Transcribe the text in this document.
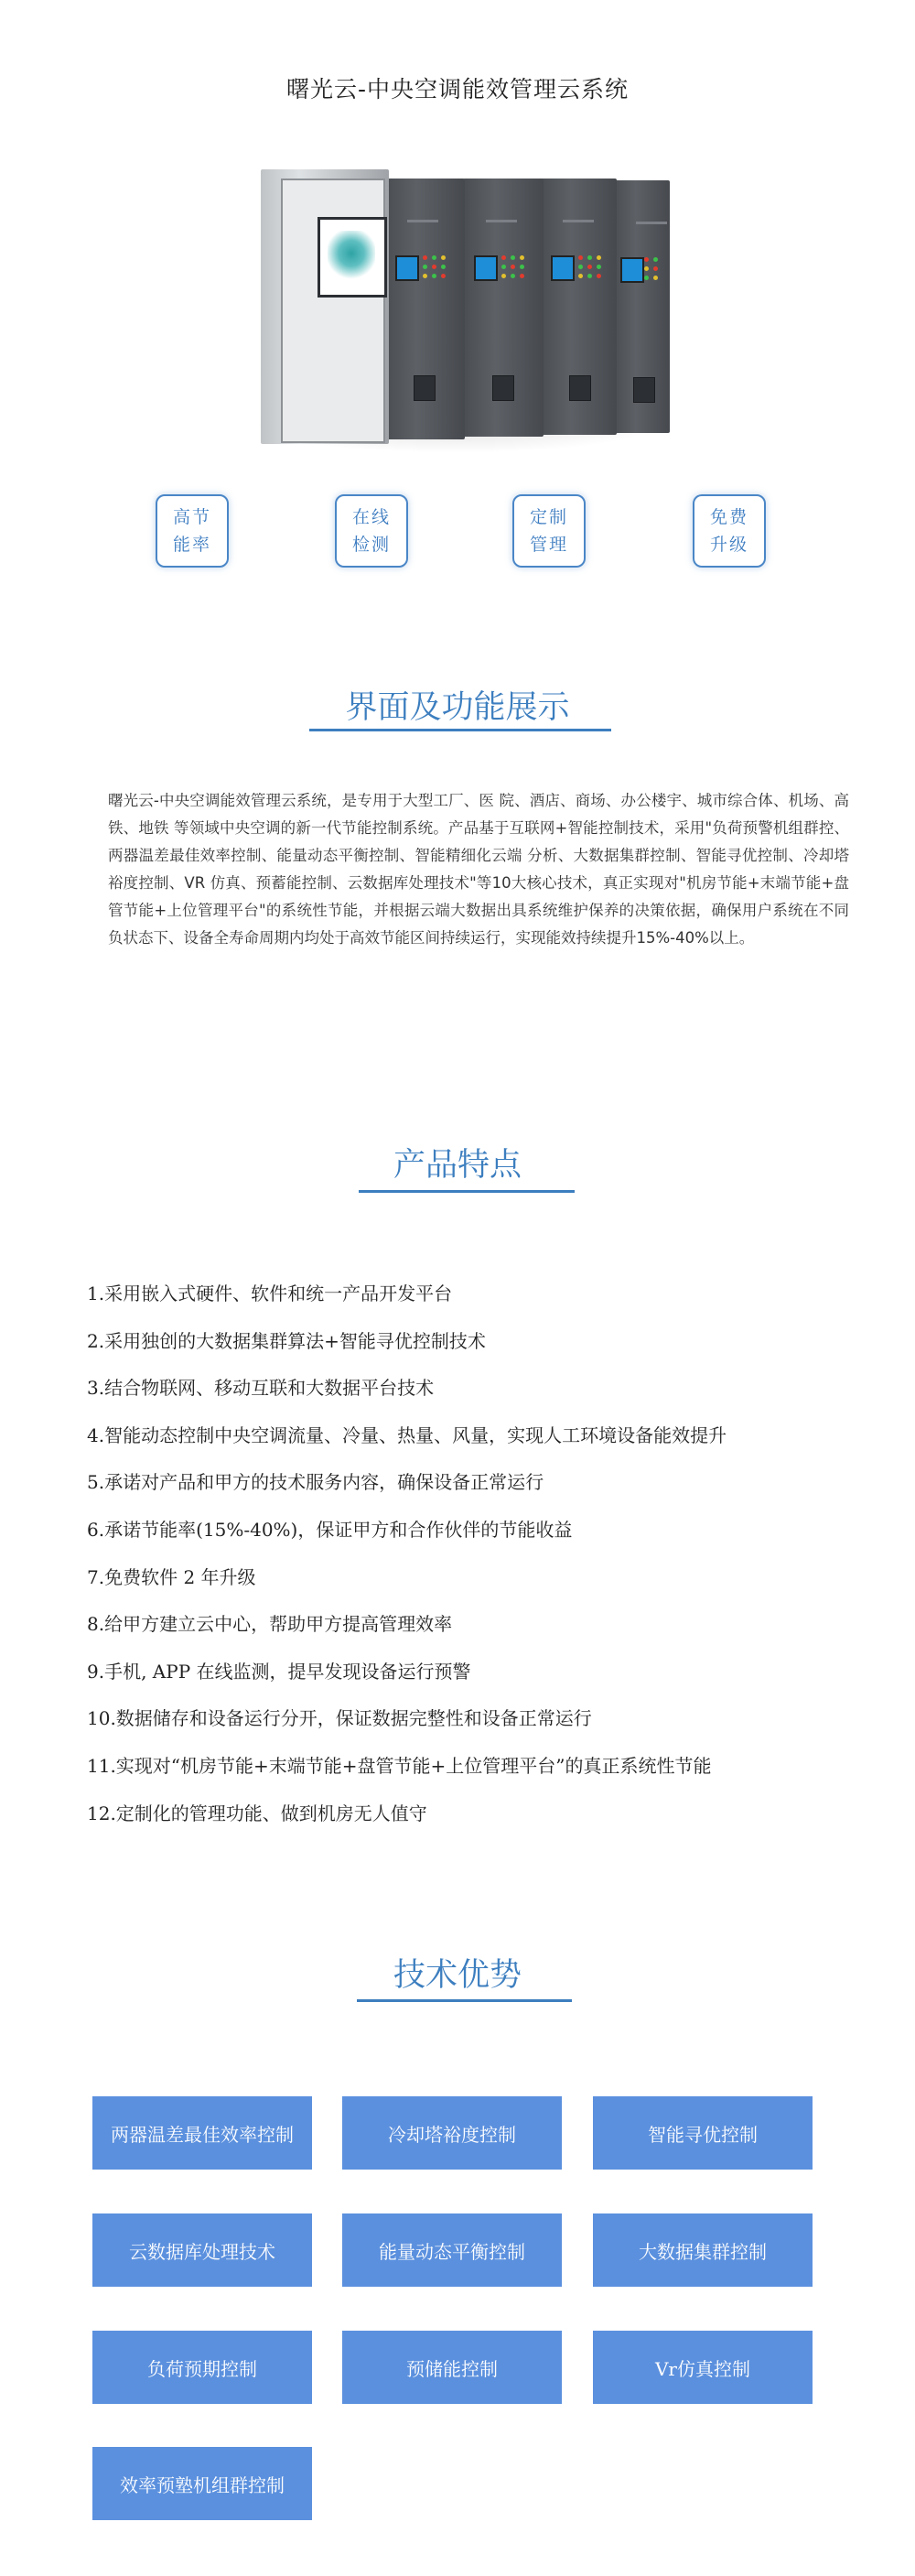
曙光云-中央空调能效管理云系统
高节
能率
在线
检测
定制
管理
免费
升级
界面及功能展示
曙光云-中央空调能效管理云系统，是专用于大型工厂、医 院、酒店、商场、办公楼宇、城市综合体、机场、高铁、地铁 等领域中央空调的新一代节能控制系统。产品基于互联网+智能控制技术，采用"负荷预警机组群控、两器温差最佳效率控制、能量动态平衡控制、智能精细化云端 分析、大数据集群控制、智能寻优控制、冷却塔裕度控制、VR 仿真、预蓄能控制、云数据库处理技术"等10大核心技术，真正实现对"机房节能+末端节能+盘管节能+上位管理平台"的系统性节能，并根据云端大数据出具系统维护保养的决策依据，确保用户系统在不同负状态下、设备全寿命周期内均处于高效节能区间持续运行，实现能效持续提升15%-40%以上。
产品特点
1.采用嵌入式硬件、软件和统一产品开发平台
2.采用独创的大数据集群算法+智能寻优控制技术
3.结合物联网、移动互联和大数据平台技术
4.智能动态控制中央空调流量、冷量、热量、风量，实现人工环境设备能效提升
5.承诺对产品和甲方的技术服务内容，确保设备正常运行
6.承诺节能率(15%-40%)，保证甲方和合作伙伴的节能收益
7.免费软件 2 年升级
8.给甲方建立云中心，帮助甲方提高管理效率
9.手机, APP 在线监测，提早发现设备运行预警
10.数据储存和设备运行分开，保证数据完整性和设备正常运行
11.实现对“机房节能+末端节能+盘管节能+上位管理平台”的真正系统性节能
12.定制化的管理功能、做到机房无人值守
技术优势
两器温差最佳效率控制	冷却塔裕度控制	智能寻优控制
云数据库处理技术	能量动态平衡控制	大数据集群控制
负荷预期控制	预储能控制	Vr仿真控制
效率预塾机组群控制
